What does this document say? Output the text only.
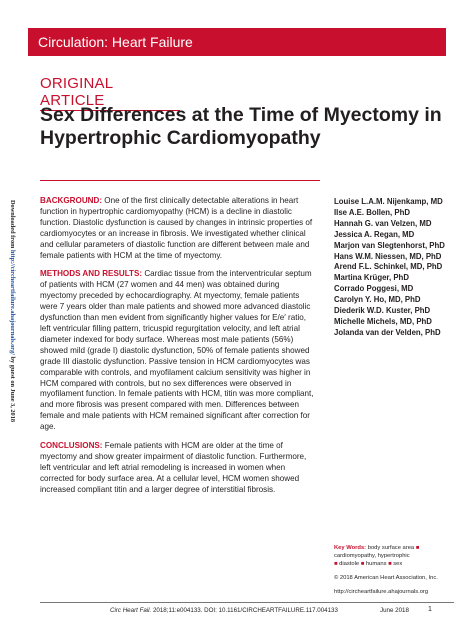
Circulation: Heart Failure
Downloaded from http://circheartfailure.ahajournals.org/ by guest on June 3, 2018
ORIGINAL ARTICLE
Sex Differences at the Time of Myectomy in Hypertrophic Cardiomyopathy

BACKGROUND: One of the first clinically detectable alterations in heart function in hypertrophic cardiomyopathy (HCM) is a decline in diastolic function. Diastolic dysfunction is caused by changes in intrinsic properties of cardiomyocytes or an increase in fibrosis. We investigated whether clinical and cellular parameters of diastolic function are different between male and female patients with HCM at the time of myectomy.

METHODS AND RESULTS: Cardiac tissue from the interventricular septum of patients with HCM (27 women and 44 men) was obtained during myectomy preceded by echocardiography. At myectomy, female patients were 7 years older than male patients and showed more advanced diastolic dysfunction than men evident from significantly higher values for E/e′ ratio, left ventricular filling pattern, tricuspid regurgitation velocity, and left atrial diameter indexed for body surface. Whereas most male patients (56%) showed mild (grade I) diastolic dysfunction, 50% of female patients showed grade III diastolic dysfunction. Passive tension in HCM cardiomyocytes was comparable with controls, and myofilament calcium sensitivity was higher in HCM compared with controls, but no sex differences were observed in myofilament function. In female patients with HCM, titin was more compliant, and more fibrosis was present compared with men. Differences between female and male patients with HCM remained significant after correction for age.

CONCLUSIONS: Female patients with HCM are older at the time of myectomy and show greater impairment of diastolic function. Furthermore, left ventricular and left atrial remodeling is increased in women when corrected for body surface area. At a cellular level, HCM women showed increased compliant titin and a larger degree of interstitial fibrosis.

Louise L.A.M. Nijenkamp, MD
Ilse A.E. Bollen, PhD
Hannah G. van Velzen, MD
Jessica A. Regan, MD
Marjon van Slegtenhorst, PhD
Hans W.M. Niessen, MD, PhD
Arend F.L. Schinkel, MD, PhD
Martina Krüger, PhD
Corrado Poggesi, MD
Carolyn Y. Ho, MD, PhD
Diederik W.D. Kuster, PhD
Michelle Michels, MD, PhD
Jolanda van der Velden, PhD
Key Words: body surface area ■ cardiomyopathy, hypertrophic
■ diastole ■ humans ■ sex
© 2018 American Heart Association, Inc.
http://circheartfailure.ahajournals.org
Circ Heart Fail. 2018;11:e004133. DOI: 10.1161/CIRCHEARTFAILURE.117.004133	June 2018	1
